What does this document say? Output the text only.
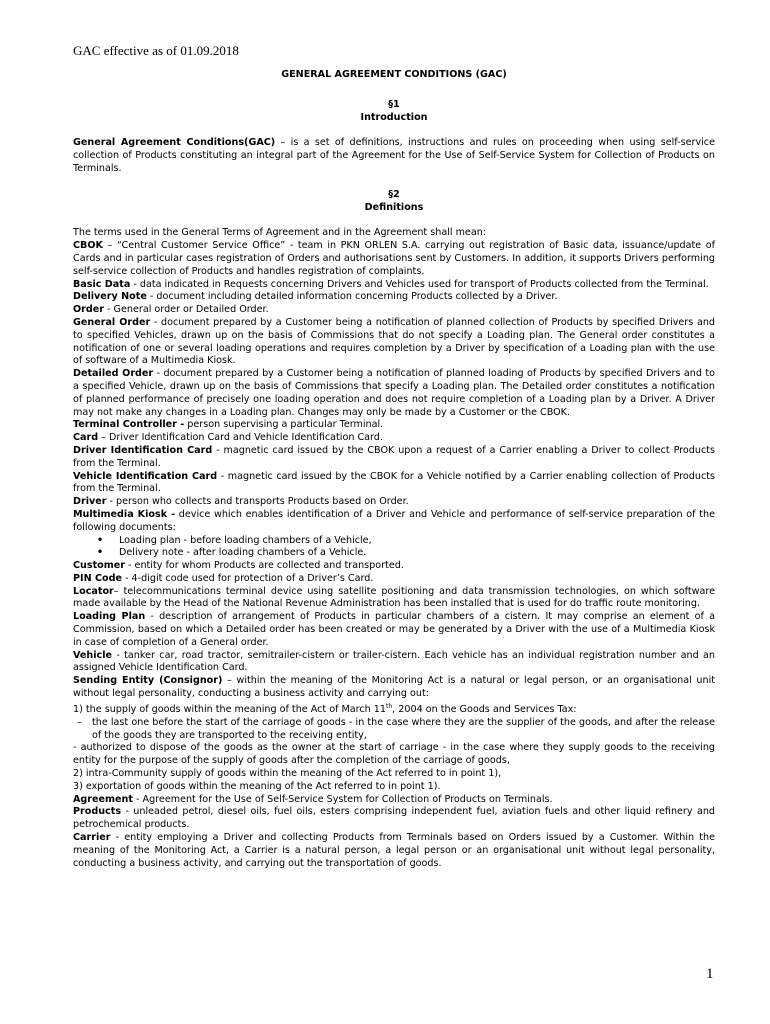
GAC effective as of 01.09.2018
GENERAL AGREEMENT CONDITIONS (GAC)
§1
Introduction

General Agreement Conditions(GAC) – is a set of definitions, instructions and rules on proceeding when using self-service collection of Products constituting an integral part of the Agreement for the Use of Self-Service System for Collection of Products on Terminals.

§2
Definitions

The terms used in the General Terms of Agreement and in the Agreement shall mean:

CBOK – “Central Customer Service Office” - team in PKN ORLEN S.A. carrying out registration of Basic data, issuance/update of Cards and in particular cases registration of Orders and authorisations sent by Customers. In addition, it supports Drivers performing self-service collection of Products and handles registration of complaints.

Basic Data - data indicated in Requests concerning Drivers and Vehicles used for transport of Products collected from the Terminal.

Delivery Note - document including detailed information concerning Products collected by a Driver.

Order - General order or Detailed Order.

General Order - document prepared by a Customer being a notification of planned collection of Products by specified Drivers and to specified Vehicles, drawn up on the basis of Commissions that do not specify a Loading plan. The General order constitutes a notification of one or several loading operations and requires completion by a Driver by specification of a Loading plan with the use of software of a Multimedia Kiosk.

Detailed Order - document prepared by a Customer being a notification of planned loading of Products by specified Drivers and to a specified Vehicle, drawn up on the basis of Commissions that specify a Loading plan. The Detailed order constitutes a notification of planned performance of precisely one loading operation and does not require completion of a Loading plan by a Driver. A Driver may not make any changes in a Loading plan. Changes may only be made by a Customer or the CBOK.

Terminal Controller - person supervising a particular Terminal.

Card – Driver Identification Card and Vehicle Identification Card.

Driver Identification Card - magnetic card issued by the CBOK upon a request of a Carrier enabling a Driver to collect Products from the Terminal.

Vehicle Identification Card - magnetic card issued by the CBOK for a Vehicle notified by a Carrier enabling collection of Products from the Terminal.

Driver - person who collects and transports Products based on Order.

Multimedia Kiosk - device which enables identification of a Driver and Vehicle and performance of self-service preparation of the following documents:

• Loading plan - before loading chambers of a Vehicle,
• Delivery note - after loading chambers of a Vehicle.

Customer - entity for whom Products are collected and transported.

PIN Code - 4-digit code used for protection of a Driver’s Card.

Locator– telecommunications terminal device using satellite positioning and data transmission technologies, on which software made available by the Head of the National Revenue Administration has been installed that is used for do traffic route monitoring.

Loading Plan - description of arrangement of Products in particular chambers of a cistern. It may comprise an element of a Commission, based on which a Detailed order has been created or may be generated by a Driver with the use of a Multimedia Kiosk in case of completion of a General order.

Vehicle - tanker car, road tractor, semitrailer-cistern or trailer-cistern. Each vehicle has an individual registration number and an assigned Vehicle Identification Card.

Sending Entity (Consignor) – within the meaning of the Monitoring Act is a natural or legal person, or an organisational unit without legal personality, conducting a business activity and carrying out:

1) the supply of goods within the meaning of the Act of March 11th, 2004 on the Goods and Services Tax:

– the last one before the start of the carriage of goods - in the case where they are the supplier of the goods, and after the release of the goods they are transported to the receiving entity,

- authorized to dispose of the goods as the owner at the start of carriage - in the case where they supply goods to the receiving entity for the purpose of the supply of goods after the completion of the carriage of goods,

2) intra-Community supply of goods within the meaning of the Act referred to in point 1),

3) exportation of goods within the meaning of the Act referred to in point 1).

Agreement - Agreement for the Use of Self-Service System for Collection of Products on Terminals.

Products - unleaded petrol, diesel oils, fuel oils, esters comprising independent fuel, aviation fuels and other liquid refinery and petrochemical products.

Carrier - entity employing a Driver and collecting Products from Terminals based on Orders issued by a Customer. Within the meaning of the Monitoring Act, a Carrier is a natural person, a legal person or an organisational unit without legal personality, conducting a business activity, and carrying out the transportation of goods.

1
